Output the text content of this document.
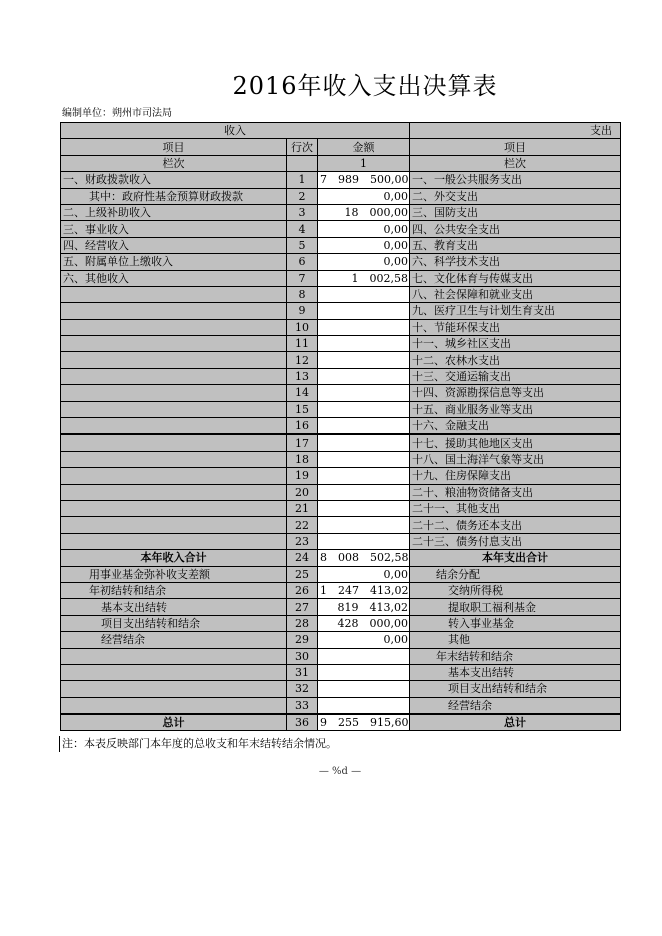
2016年收入支出决算表
编制单位：朔州市司法局
收入			支出
项目	行次	金额	项目
栏次		1	栏次
一、财政拨款收入	1	7　989　500,00	一、一般公共服务支出
其中：政府性基金预算财政拨款	2	0,00	二、外交支出
二、上级补助收入	3	18　000,00	三、国防支出
三、事业收入	4	0,00	四、公共安全支出
四、经营收入	5	0,00	五、教育支出
五、附属单位上缴收入	6	0,00	六、科学技术支出
六、其他收入	7	1　002,58	七、文化体育与传媒支出
	8		八、社会保障和就业支出
	9		九、医疗卫生与计划生育支出
	10		十、节能环保支出
	11		十一、城乡社区支出
	12		十二、农林水支出
	13		十三、交通运输支出
	14		十四、资源勘探信息等支出
	15		十五、商业服务业等支出
	16		十六、金融支出
	17		十七、援助其他地区支出
	18		十八、国土海洋气象等支出
	19		十九、住房保障支出
	20		二十、粮油物资储备支出
	21		二十一、其他支出
	22		二十二、债务还本支出
	23		二十三、债务付息支出
本年收入合计	24	8　008　502,58	本年支出合计
用事业基金弥补收支差额	25	0,00	结余分配
年初结转和结余	26	1　247　413,02	交纳所得税
基本支出结转	27	819　413,02	提取职工福利基金
项目支出结转和结余	28	428　000,00	转入事业基金
经营结余	29	0,00	其他
	30		年末结转和结余
	31		基本支出结转
	32		项目支出结转和结余
	33		经营结余
总计	36	9　255　915,60	总计
注：本表反映部门本年度的总收支和年末结转结余情况。
— %d —
